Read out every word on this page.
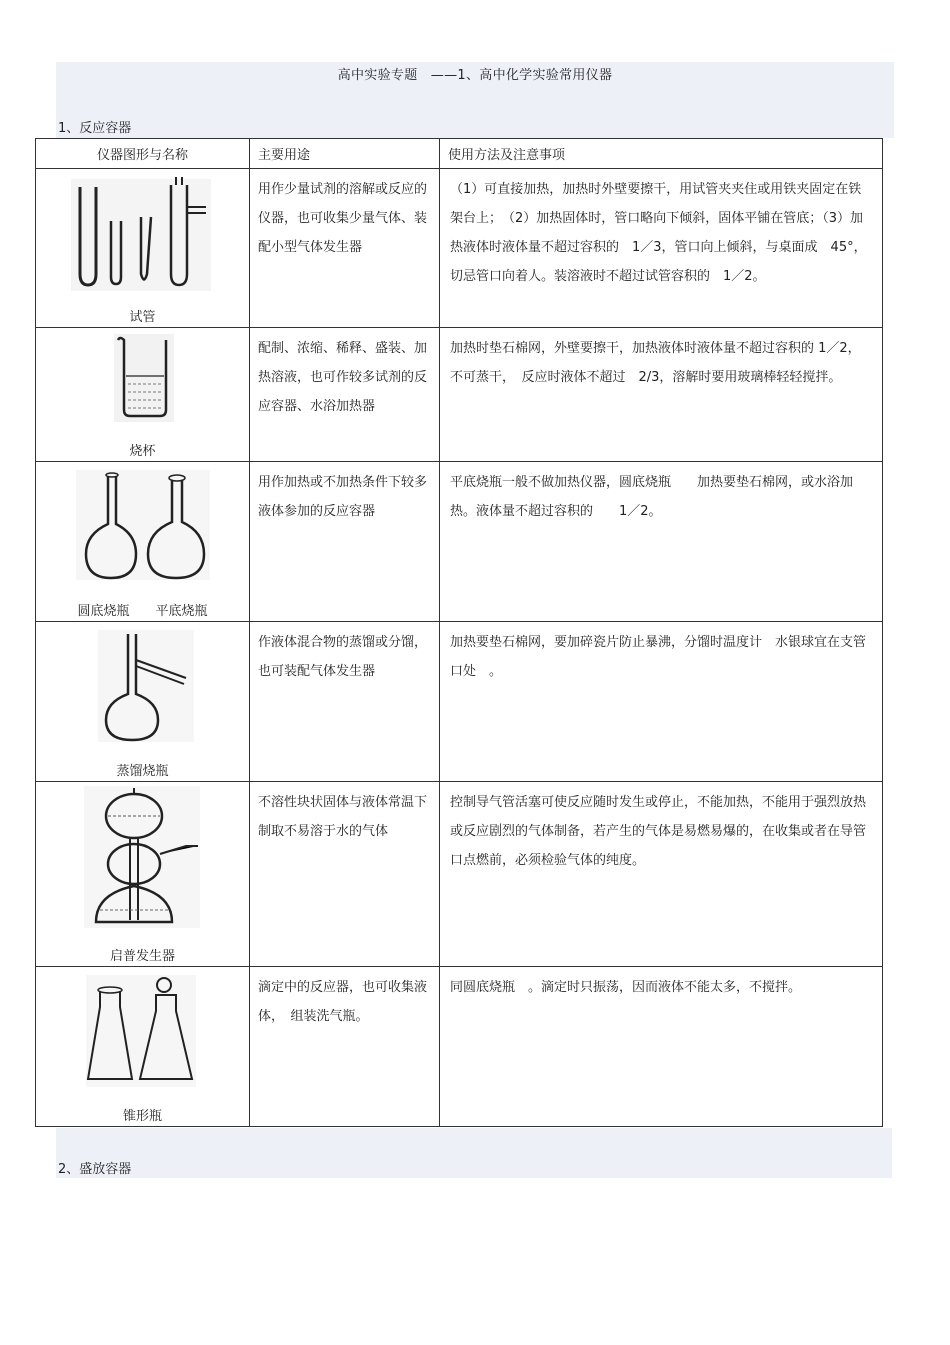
高中实验专题　——1、高中化学实验常用仪器
1、反应容器
仪器图形与名称	主要用途	使用方法及注意事项

试管	用作少量试剂的溶解或反应的仪器，也可收集少量气体、装配小型气体发生器	（1）可直接加热，加热时外壁要擦干，用试管夹夹住或用铁夹固定在铁架台上；　（2）加热固体时，管口略向下倾斜，固体平铺在管底；（3）加热液体时液体量不超过容积的　1／3，管口向上倾斜，与桌面成　45°，切忌管口向着人。装溶液时不超过试管容积的　1／2。

烧杯	配制、浓缩、稀释、盛装、加热溶液，也可作较多试剂的反应容器、水浴加热器	加热时垫石棉网，外壁要擦干，加热液体时液体量不超过容积的 1／2，不可蒸干，　反应时液体不超过　2/3，溶解时要用玻璃棒轻轻搅拌。

圆底烧瓶　　平底烧瓶	用作加热或不加热条件下较多液体参加的反应容器	平底烧瓶一般不做加热仪器，圆底烧瓶　　加热要垫石棉网，或水浴加热。液体量不超过容积的　　1／2。

蒸馏烧瓶	作液体混合物的蒸馏或分馏，也可装配气体发生器	加热要垫石棉网，要加碎瓷片防止暴沸，分馏时温度计　水银球宜在支管口处　。

启普发生器	不溶性块状固体与液体常温下制取不易溶于水的气体	控制导气管活塞可使反应随时发生或停止，不能加热，不能用于强烈放热或反应剧烈的气体制备，若产生的气体是易燃易爆的，在收集或者在导管口点燃前，必须检验气体的纯度。

锥形瓶	滴定中的反应器，也可收集液体，　组装洗气瓶。	同圆底烧瓶　。滴定时只振荡，因而液体不能太多，不搅拌。
2、盛放容器
